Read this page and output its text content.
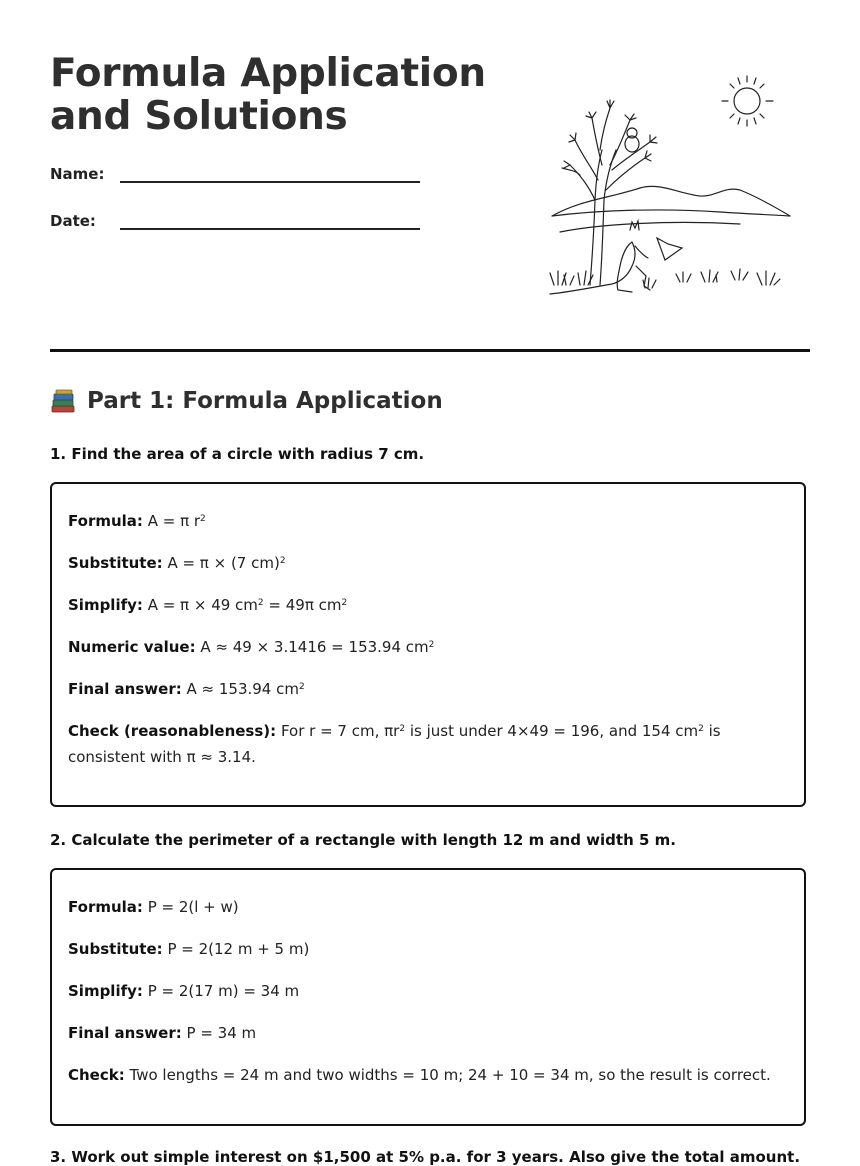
Formula Application
and Solutions
Name:
Date:
Part 1: Formula Application

1. Find the area of a circle with radius 7 cm.

Formula: A = π $r^2$

Substitute: A = π × (7 cm)$^2$

Simplify: A = π × 49 $cm^2 = 49\pi$ $cm^2$

Numeric value: A ≈ 49 × 3.1416 = 153.94 $cm^2$

Final answer: A ≈ 153.94 $cm^2$

Check (reasonableness): For r = 7 cm, $\pi r^2$ is just under 4×49 = 196, and 154 $cm^2$ is consistent with π ≈ 3.14.

2. Calculate the perimeter of a rectangle with length 12 m and width 5 m.

Formula: P = 2(l + w)

Substitute: P = 2(12 m + 5 m)

Simplify: P = 2(17 m) = 34 m

Final answer: P = 34 m

Check: Two lengths = 24 m and two widths = 10 m; 24 + 10 = 34 m, so the result is correct.

3. Work out simple interest on $1,500 at 5% p.a. for 3 years. Also give the total amount.
